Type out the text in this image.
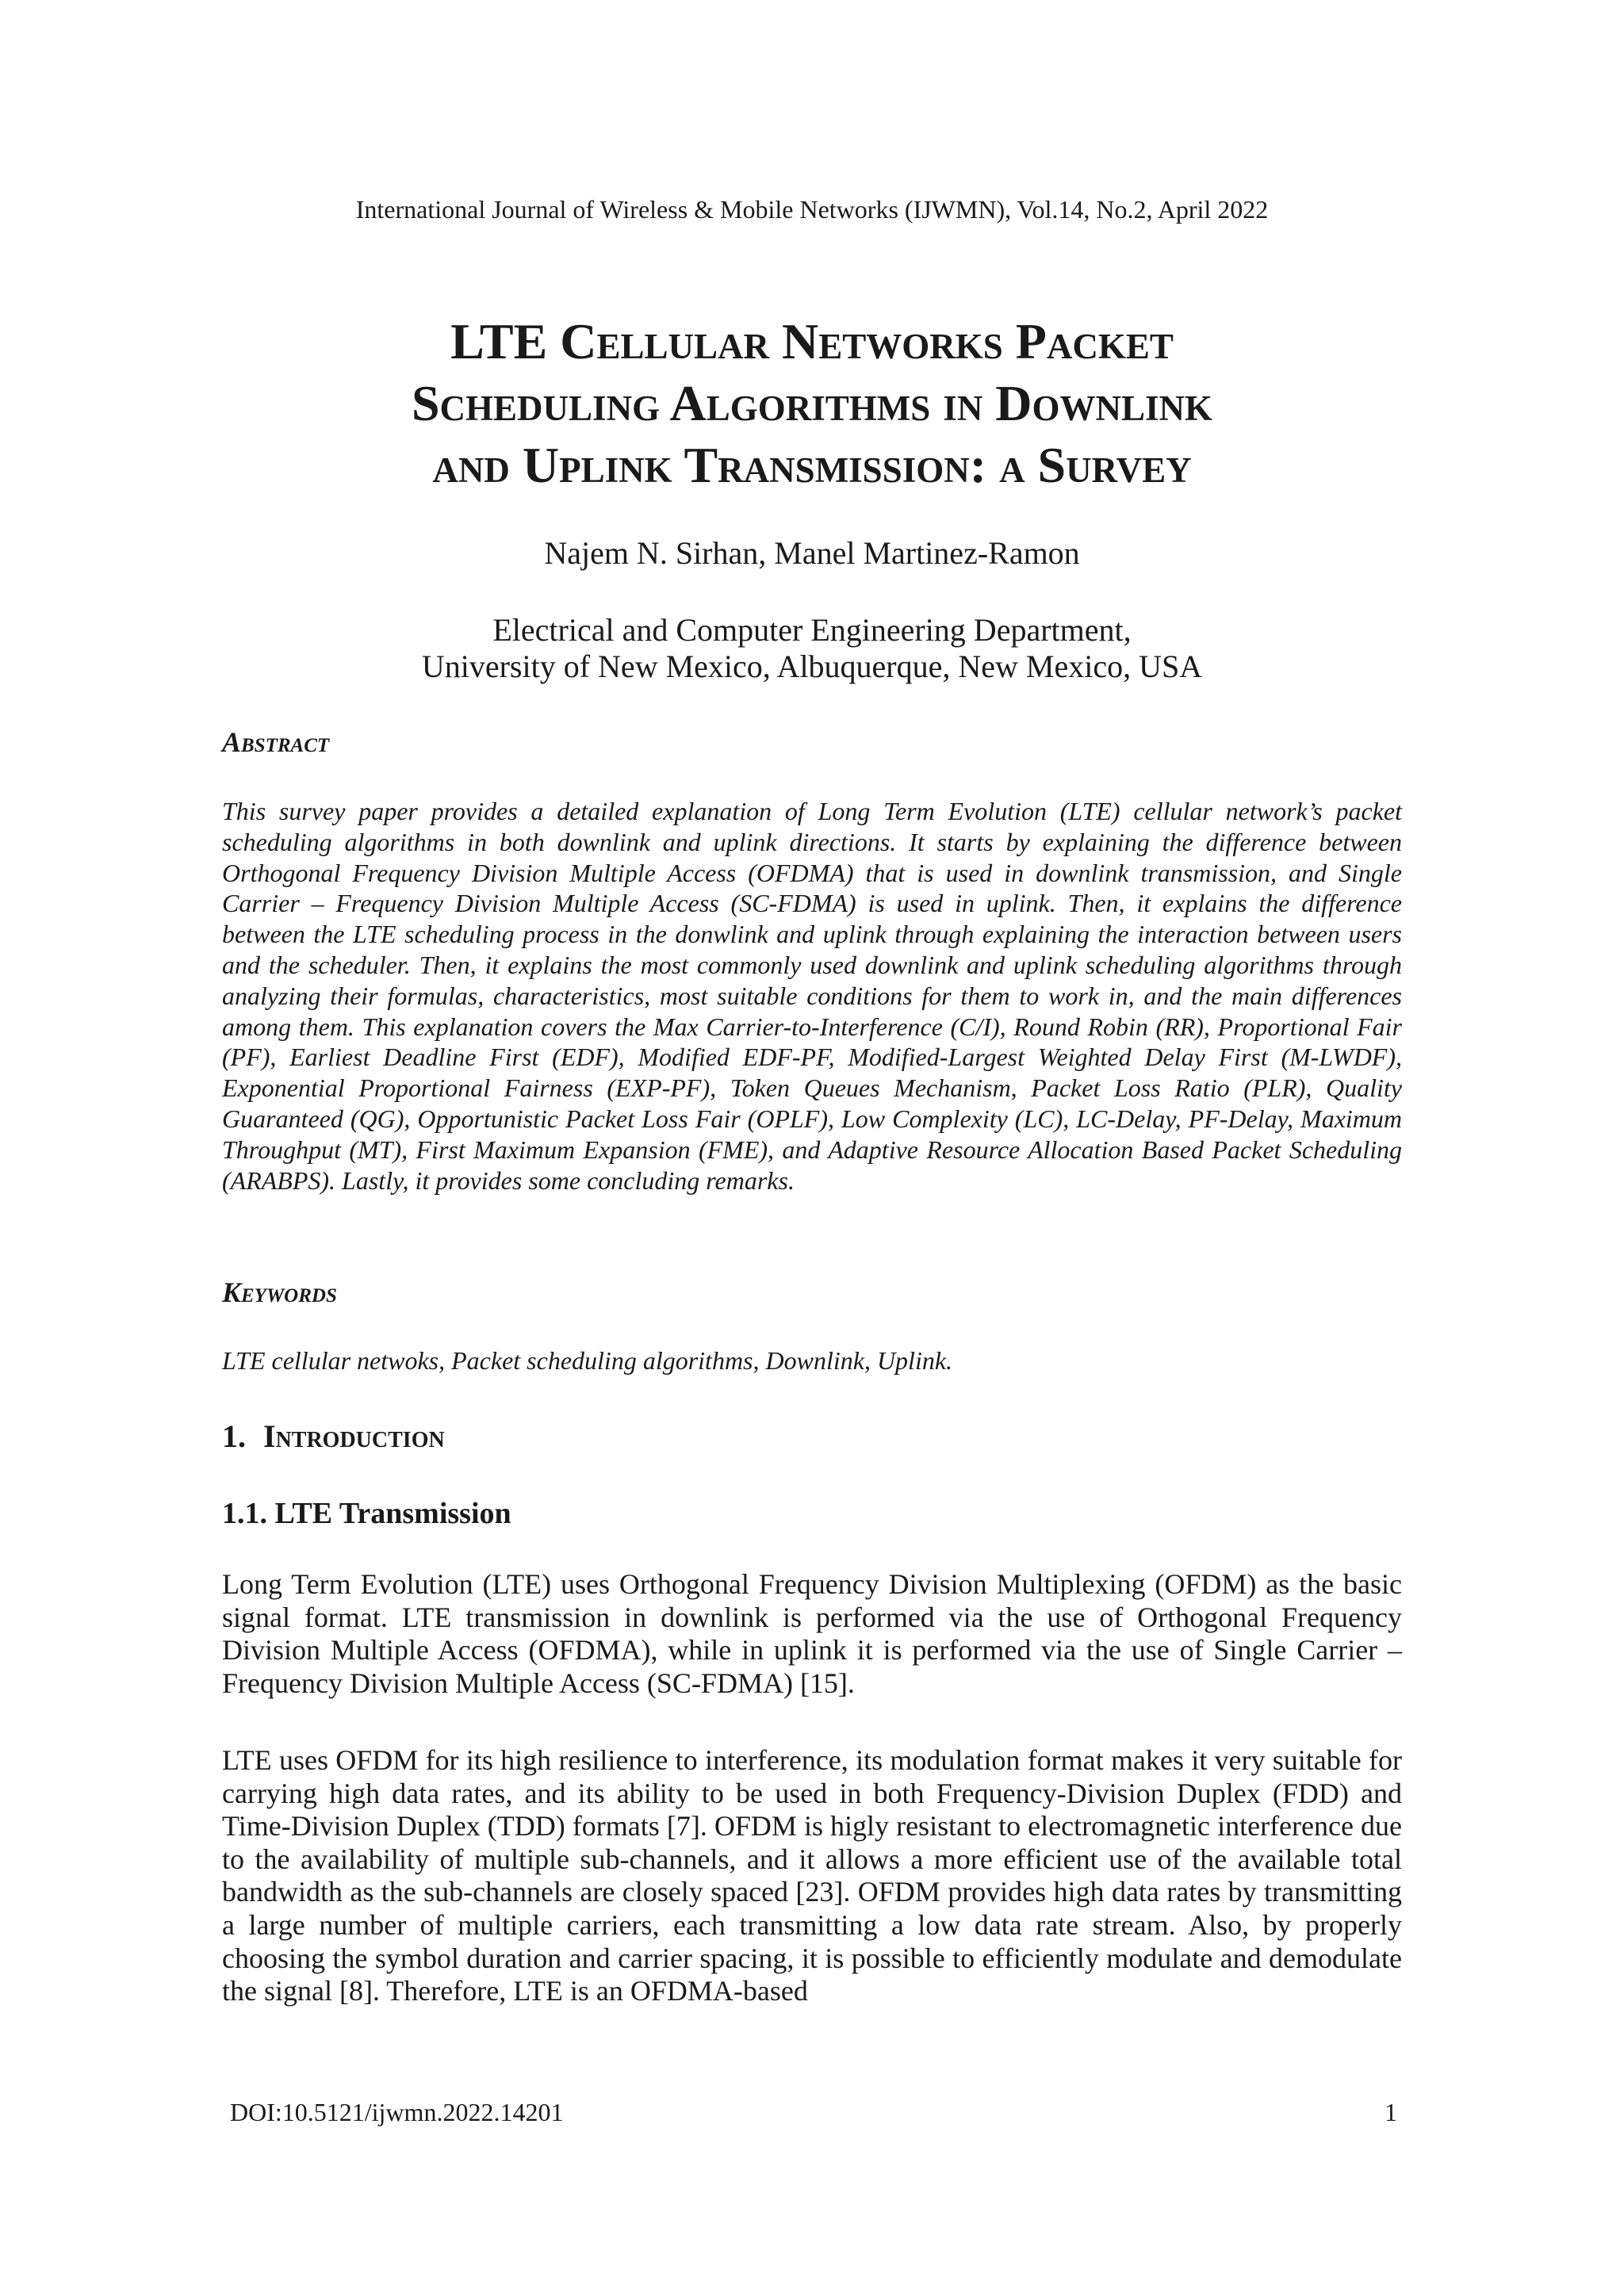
International Journal of Wireless & Mobile Networks (IJWMN), Vol.14, No.2, April 2022
LTE Cellular Networks Packet
Scheduling Algorithms in Downlink
and Uplink Transmission: a Survey
Najem N. Sirhan, Manel Martinez-Ramon
Electrical and Computer Engineering Department,
University of New Mexico, Albuquerque, New Mexico, USA
Abstract
This survey paper provides a detailed explanation of Long Term Evolution (LTE) cellular network’s packet scheduling algorithms in both downlink and uplink directions. It starts by explaining the difference between Orthogonal Frequency Division Multiple Access (OFDMA) that is used in downlink transmission, and Single Carrier – Frequency Division Multiple Access (SC-FDMA) is used in uplink. Then, it explains the difference between the LTE scheduling process in the donwlink and uplink through explaining the interaction between users and the scheduler. Then, it explains the most commonly used downlink and uplink scheduling algorithms through analyzing their formulas, characteristics, most suitable conditions for them to work in, and the main differences among them. This explanation covers the Max Carrier-to-Interference (C/I), Round Robin (RR), Proportional Fair (PF), Earliest Deadline First (EDF), Modified EDF-PF, Modified-Largest Weighted Delay First (M-LWDF), Exponential Proportional Fairness (EXP-PF), Token Queues Mechanism, Packet Loss Ratio (PLR), Quality Guaranteed (QG), Opportunistic Packet Loss Fair (OPLF), Low Complexity (LC), LC-Delay, PF-Delay, Maximum Throughput (MT), First Maximum Expansion (FME), and Adaptive Resource Allocation Based Packet Scheduling (ARABPS). Lastly, it provides some concluding remarks.
Keywords
LTE cellular netwoks, Packet scheduling algorithms, Downlink, Uplink.
1. Introduction
1.1. LTE Transmission
Long Term Evolution (LTE) uses Orthogonal Frequency Division Multiplexing (OFDM) as the basic signal format. LTE transmission in downlink is performed via the use of Orthogonal Frequency Division Multiple Access (OFDMA), while in uplink it is performed via the use of Single Carrier – Frequency Division Multiple Access (SC-FDMA) [15].
LTE uses OFDM for its high resilience to interference, its modulation format makes it very suitable for carrying high data rates, and its ability to be used in both Frequency-Division Duplex (FDD) and Time-Division Duplex (TDD) formats [7]. OFDM is higly resistant to electromagnetic interference due to the availability of multiple sub-channels, and it allows a more efficient use of the available total bandwidth as the sub-channels are closely spaced [23]. OFDM provides high data rates by transmitting a large number of multiple carriers, each transmitting a low data rate stream. Also, by properly choosing the symbol duration and carrier spacing, it is possible to efficiently modulate and demodulate the signal [8]. Therefore, LTE is an OFDMA-based
DOI:10.5121/ijwmn.2022.14201	1
